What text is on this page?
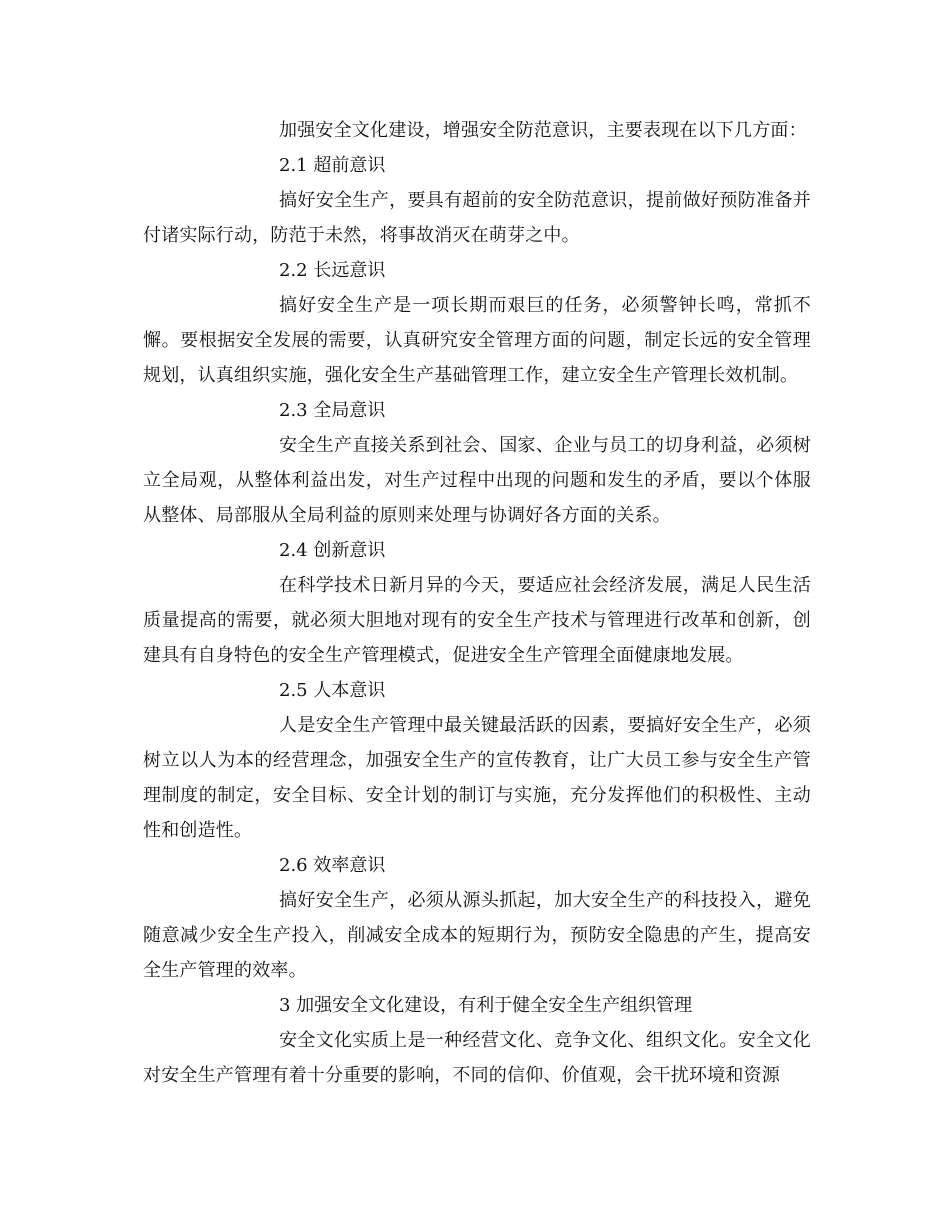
加强安全文化建设，增强安全防范意识，主要表现在以下几方面：

2.1 超前意识

搞好安全生产，要具有超前的安全防范意识，提前做好预防准备并付诸实际行动，防范于未然，将事故消灭在萌芽之中。

2.2 长远意识

搞好安全生产是一项长期而艰巨的任务，必须警钟长鸣，常抓不懈。要根据安全发展的需要，认真研究安全管理方面的问题，制定长远的安全管理规划，认真组织实施，强化安全生产基础管理工作，建立安全生产管理长效机制。

2.3 全局意识

安全生产直接关系到社会、国家、企业与员工的切身利益，必须树立全局观，从整体利益出发，对生产过程中出现的问题和发生的矛盾，要以个体服从整体、局部服从全局利益的原则来处理与协调好各方面的关系。

2.4 创新意识

在科学技术日新月异的今天，要适应社会经济发展，满足人民生活质量提高的需要，就必须大胆地对现有的安全生产技术与管理进行改革和创新，创建具有自身特色的安全生产管理模式，促进安全生产管理全面健康地发展。

2.5 人本意识

人是安全生产管理中最关键最活跃的因素，要搞好安全生产，必须树立以人为本的经营理念，加强安全生产的宣传教育，让广大员工参与安全生产管理制度的制定，安全目标、安全计划的制订与实施，充分发挥他们的积极性、主动性和创造性。

2.6 效率意识

搞好安全生产，必须从源头抓起，加大安全生产的科技投入，避免随意减少安全生产投入，削减安全成本的短期行为，预防安全隐患的产生，提高安全生产管理的效率。

3 加强安全文化建设，有利于健全安全生产组织管理

安全文化实质上是一种经营文化、竞争文化、组织文化。安全文化对安全生产管理有着十分重要的影响，不同的信仰、价值观，会干扰环境和资源
